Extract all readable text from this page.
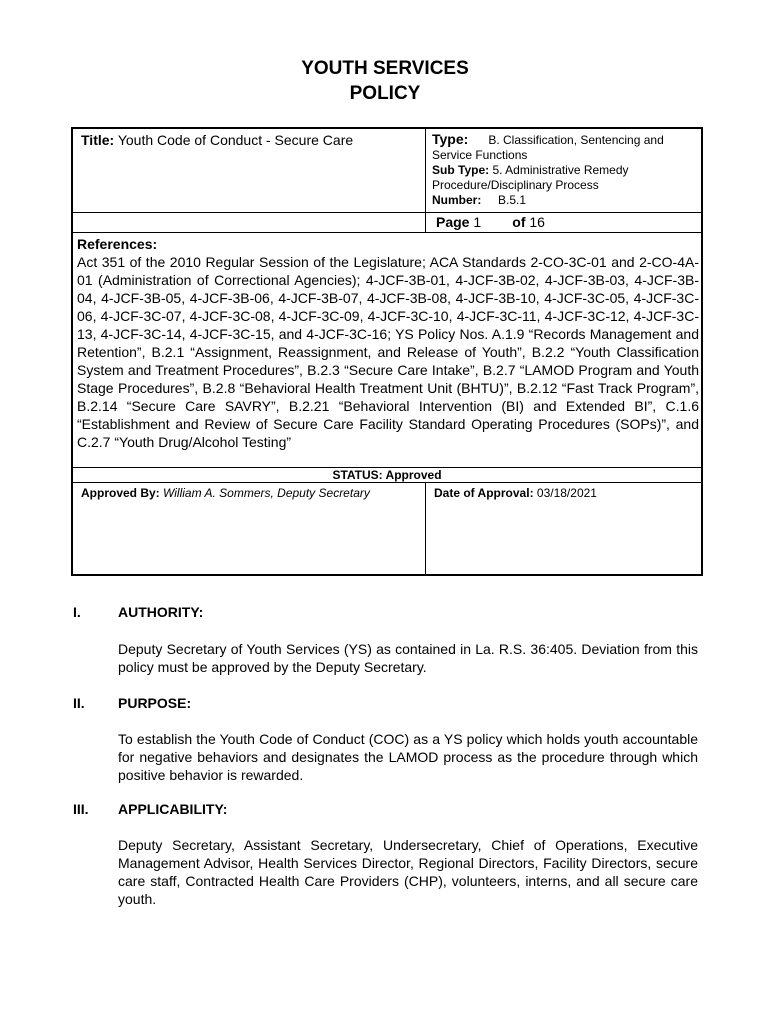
YOUTH SERVICES
POLICY
Title: Youth Code of Conduct - Secure Care	Type: B. Classification, Sentencing and Service Functions
Sub Type: 5. Administrative Remedy Procedure/Disciplinary Process
Number: B.5.1

	Page 1 of 16

References:
Act 351 of the 2010 Regular Session of the Legislature; ACA Standards 2-CO-3C-01 and 2-CO-4A-01 (Administration of Correctional Agencies); 4-JCF-3B-01, 4-JCF-3B-02, 4-JCF-3B-03, 4-JCF-3B-04, 4-JCF-3B-05, 4-JCF-3B-06, 4-JCF-3B-07, 4-JCF-3B-08, 4-JCF-3B-10, 4-JCF-3C-05, 4-JCF-3C-06, 4-JCF-3C-07, 4-JCF-3C-08, 4-JCF-3C-09, 4-JCF-3C-10, 4-JCF-3C-11, 4-JCF-3C-12, 4-JCF-3C-13, 4-JCF-3C-14, 4-JCF-3C-15, and 4-JCF-3C-16; YS Policy Nos. A.1.9 “Records Management and Retention”, B.2.1 “Assignment, Reassignment, and Release of Youth”, B.2.2 “Youth Classification System and Treatment Procedures”, B.2.3 “Secure Care Intake”, B.2.7 “LAMOD Program and Youth Stage Procedures”, B.2.8 “Behavioral Health Treatment Unit (BHTU)”, B.2.12 “Fast Track Program”, B.2.14 “Secure Care SAVRY”, B.2.21 “Behavioral Intervention (BI) and Extended BI”, C.1.6 “Establishment and Review of Secure Care Facility Standard Operating Procedures (SOPs)”, and C.2.7 “Youth Drug/Alcohol Testing”	

STATUS: Approved	
Approved By: William A. Sommers, Deputy Secretary	Date of Approval: 03/18/2021
I.	AUTHORITY:
Deputy Secretary of Youth Services (YS) as contained in La. R.S. 36:405. Deviation from this policy must be approved by the Deputy Secretary.
II. PURPOSE:
To establish the Youth Code of Conduct (COC) as a YS policy which holds youth accountable for negative behaviors and designates the LAMOD process as the procedure through which positive behavior is rewarded.
III. APPLICABILITY:
Deputy Secretary, Assistant Secretary, Undersecretary, Chief of Operations, Executive Management Advisor, Health Services Director, Regional Directors, Facility Directors, secure care staff, Contracted Health Care Providers (CHP), volunteers, interns, and all secure care youth.
